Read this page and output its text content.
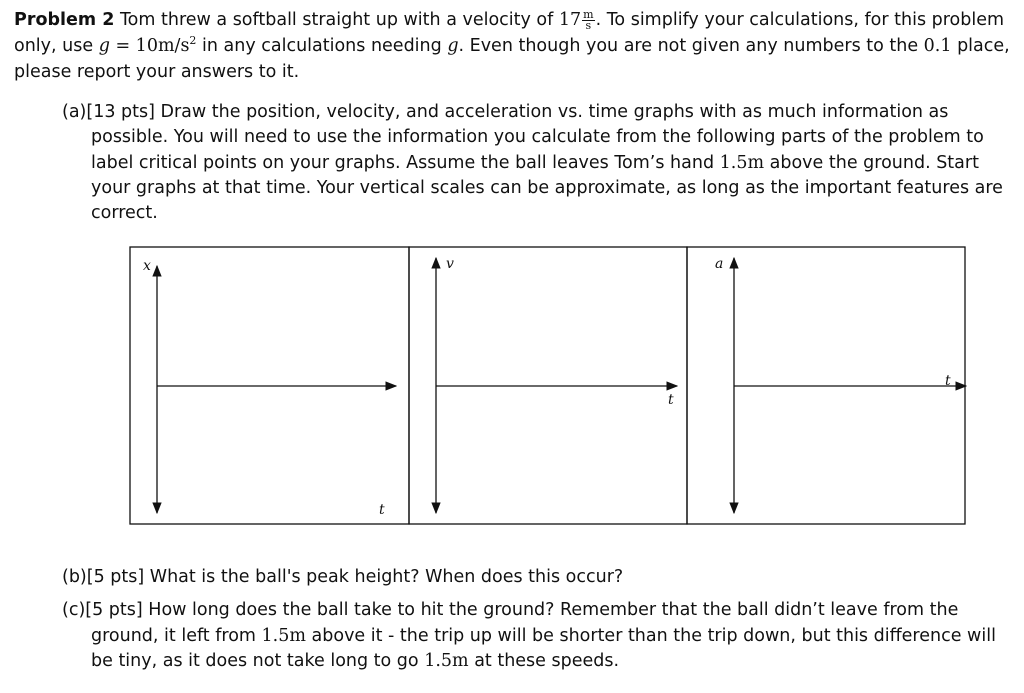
Problem 2 Tom threw a softball straight up with a velocity of $17 \frac{m}{s}$ . To simplify your calculations, for this problem
only, use $g = 10m/s^2$ in any calculations needing g. Even though you are not given any numbers to the 0.1 place,
please report your answers to it.
(a)[13 pts] Draw the position, velocity, and acceleration vs. time graphs with as much information as
possible. You will need to use the information you calculate from the following parts of the problem to
label critical points on your graphs. Assume the ball leaves Tom’s hand 1.5m above the ground. Start
your graphs at that time. Your vertical scales can be approximate, as long as the important features are
correct.
x
t
v
t
a
t
(b)[5 pts] What is the ball's peak height? When does this occur?
(c)[5 pts] How long does the ball take to hit the ground? Remember that the ball didn’t leave from the
ground, it left from 1.5m above it - the trip up will be shorter than the trip down, but this difference will
be tiny, as it does not take long to go 1.5m at these speeds.
